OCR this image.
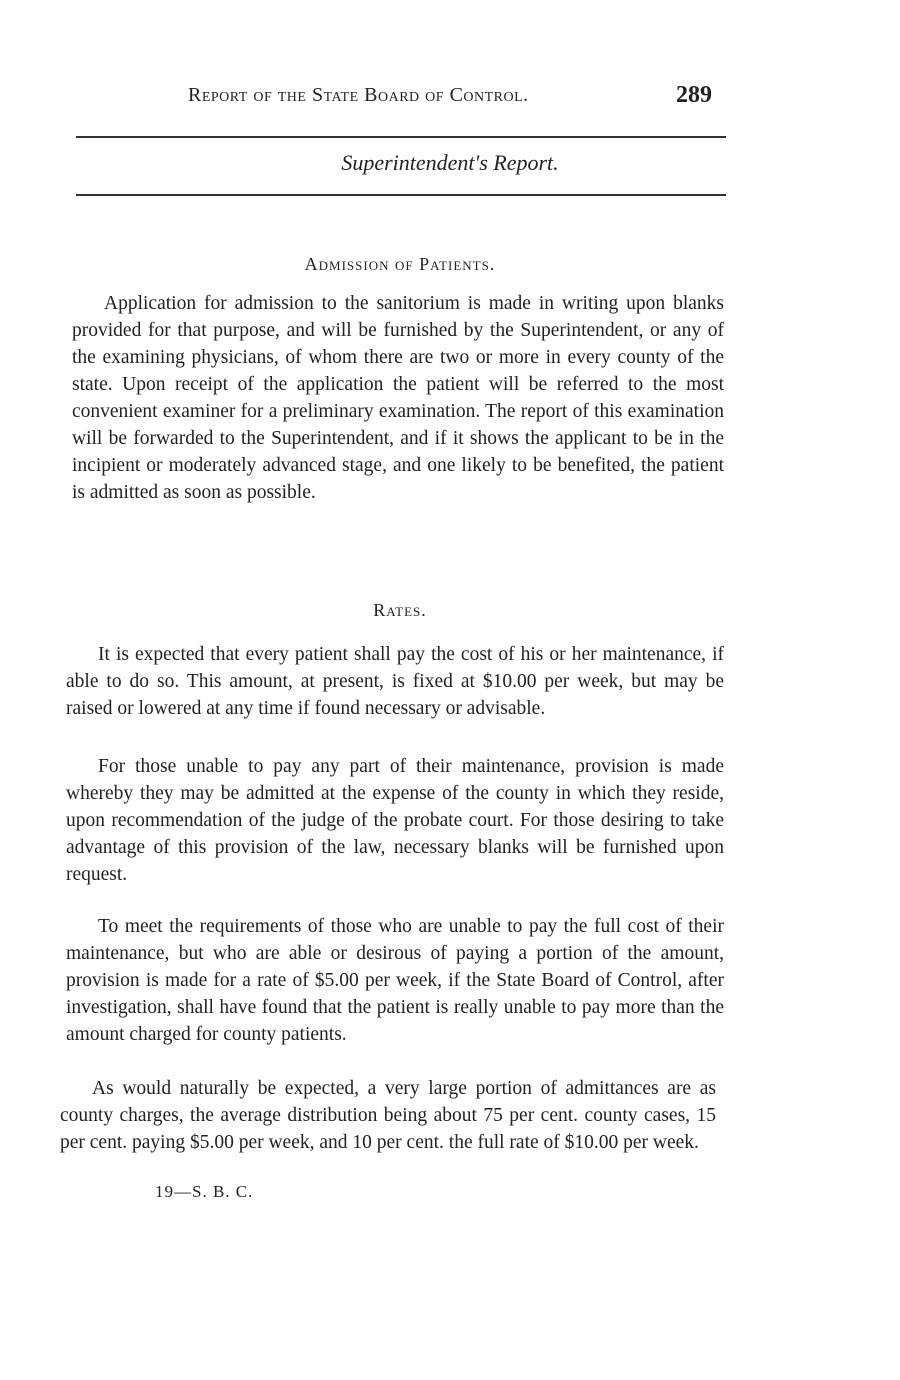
Report of the State Board of Control.	289
Superintendent's Report.
Admission of Patients.

Application for admission to the sanitorium is made in writing upon blanks provided for that purpose, and will be furnished by the Superintendent, or any of the examining physicians, of whom there are two or more in every county of the state. Upon receipt of the application the patient will be referred to the most convenient examiner for a preliminary examination. The report of this examination will be forwarded to the Superintendent, and if it shows the applicant to be in the incipient or moderately advanced stage, and one likely to be benefited, the patient is admitted as soon as possible.

Rates.

It is expected that every patient shall pay the cost of his or her maintenance, if able to do so. This amount, at present, is fixed at $10.00 per week, but may be raised or lowered at any time if found necessary or advisable.

For those unable to pay any part of their maintenance, provision is made whereby they may be admitted at the expense of the county in which they reside, upon recommendation of the judge of the probate court. For those desiring to take advantage of this provision of the law, necessary blanks will be furnished upon request.

To meet the requirements of those who are unable to pay the full cost of their maintenance, but who are able or desirous of paying a portion of the amount, provision is made for a rate of $5.00 per week, if the State Board of Control, after investigation, shall have found that the patient is really unable to pay more than the amount charged for county patients.

As would naturally be expected, a very large portion of admittances are as county charges, the average distribution being about 75 per cent. county cases, 15 per cent. paying $5.00 per week, and 10 per cent. the full rate of $10.00 per week.

19—S. B. C.
